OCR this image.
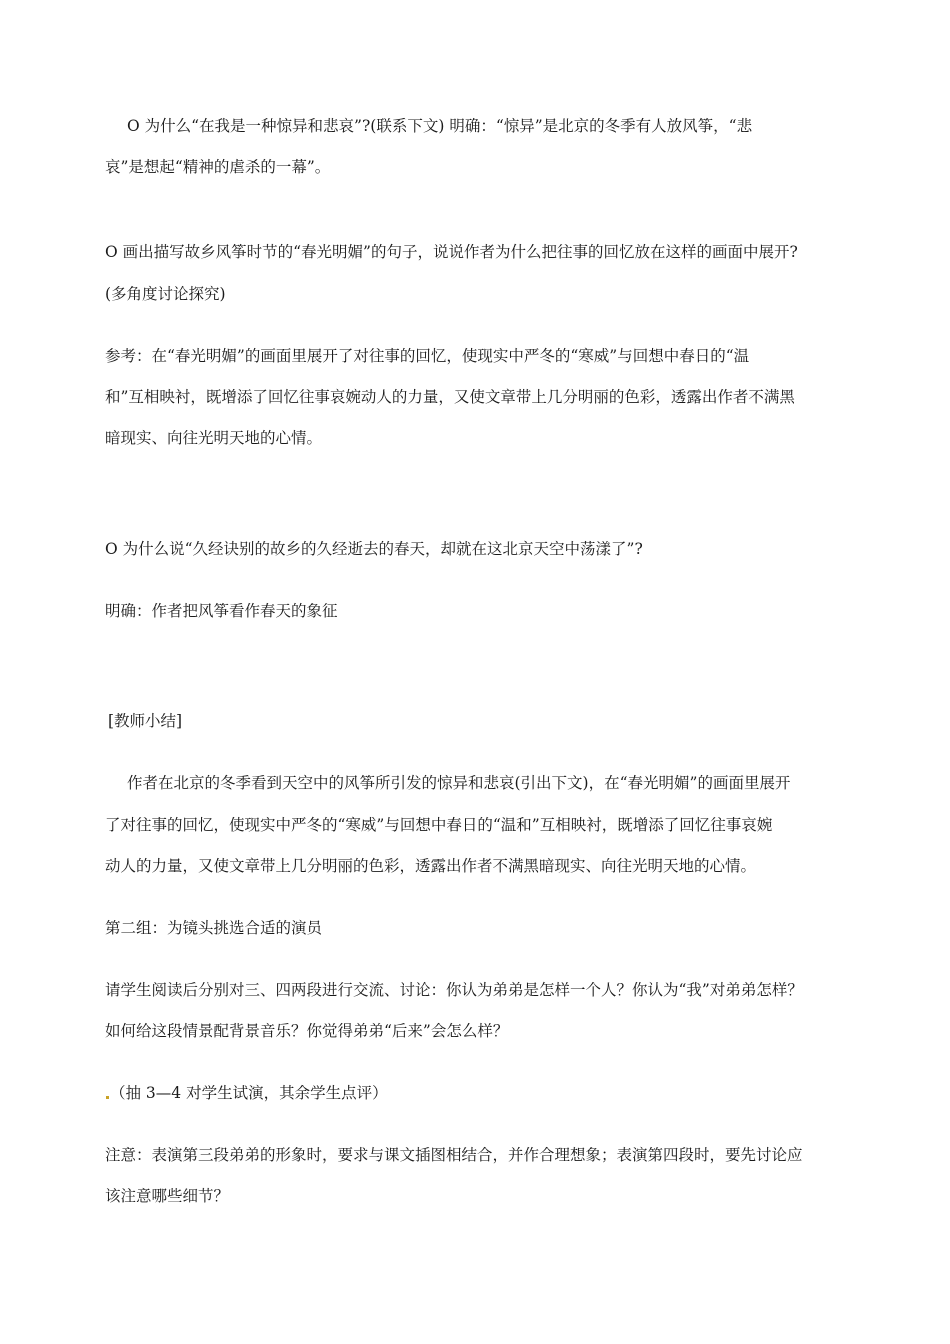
O 为什么“在我是一种惊异和悲哀”?(联系下文) 明确：“惊异”是北京的冬季有人放风筝，“悲
哀”是想起“精神的虐杀的一幕”。
O 画出描写故乡风筝时节的“春光明媚”的句子，说说作者为什么把往事的回忆放在这样的画面中展开?
(多角度讨论探究)
参考：在“春光明媚”的画面里展开了对往事的回忆，使现实中严冬的“寒威”与回想中春日的“温
和”互相映衬，既增添了回忆往事哀婉动人的力量，又使文章带上几分明丽的色彩，透露出作者不满黑
暗现实、向往光明天地的心情。
O 为什么说“久经诀别的故乡的久经逝去的春天，却就在这北京天空中荡漾了”?
明确：作者把风筝看作春天的象征
[教师小结]
作者在北京的冬季看到天空中的风筝所引发的惊异和悲哀(引出下文)，在“春光明媚”的画面里展开
了对往事的回忆，使现实中严冬的“寒威”与回想中春日的“温和”互相映衬，既增添了回忆往事哀婉
动人的力量，又使文章带上几分明丽的色彩，透露出作者不满黑暗现实、向往光明天地的心情。
第二组：为镜头挑选合适的演员
请学生阅读后分别对三、四两段进行交流、讨论：你认为弟弟是怎样一个人？你认为“我”对弟弟怎样？
如何给这段情景配背景音乐？你觉得弟弟“后来”会怎么样？
（抽 3—4 对学生试演，其余学生点评）
注意：表演第三段弟弟的形象时，要求与课文插图相结合，并作合理想象；表演第四段时，要先讨论应
该注意哪些细节？
